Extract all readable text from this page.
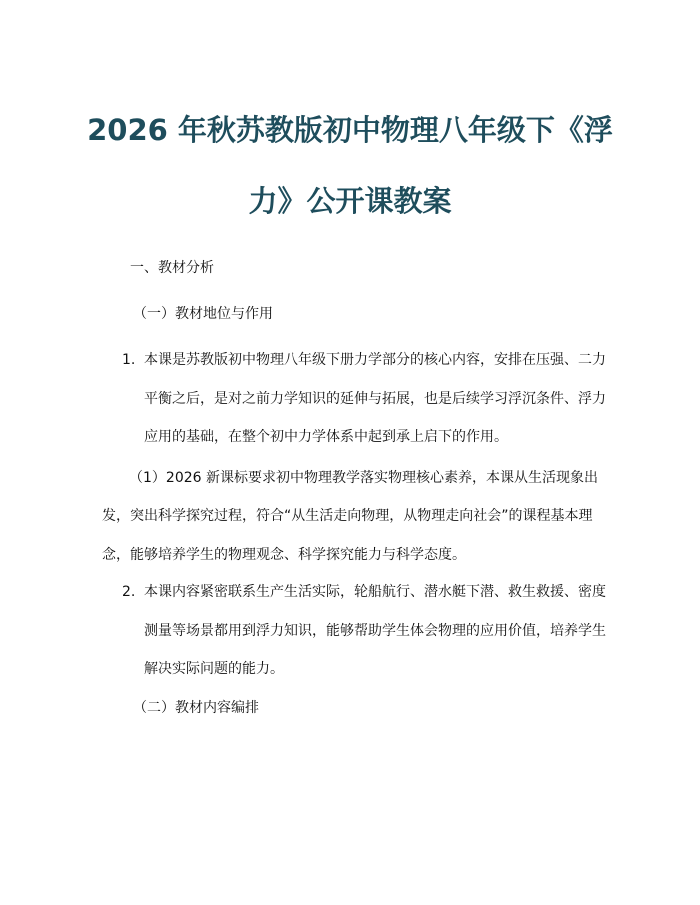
2026 年秋苏教版初中物理八年级下《浮
力》公开课教案

一、教材分析

（一）教材地位与作用

1. 本课是苏教版初中物理八年级下册力学部分的核心内容，安排在压强、二力

平衡之后，是对之前力学知识的延伸与拓展，也是后续学习浮沉条件、浮力

应用的基础，在整个初中力学体系中起到承上启下的作用。

（1）2026 新课标要求初中物理教学落实物理核心素养，本课从生活现象出

发，突出科学探究过程，符合“从生活走向物理，从物理走向社会”的课程基本理

念，能够培养学生的物理观念、科学探究能力与科学态度。

2. 本课内容紧密联系生产生活实际，轮船航行、潜水艇下潜、救生救援、密度

测量等场景都用到浮力知识，能够帮助学生体会物理的应用价值，培养学生

解决实际问题的能力。

（二）教材内容编排
